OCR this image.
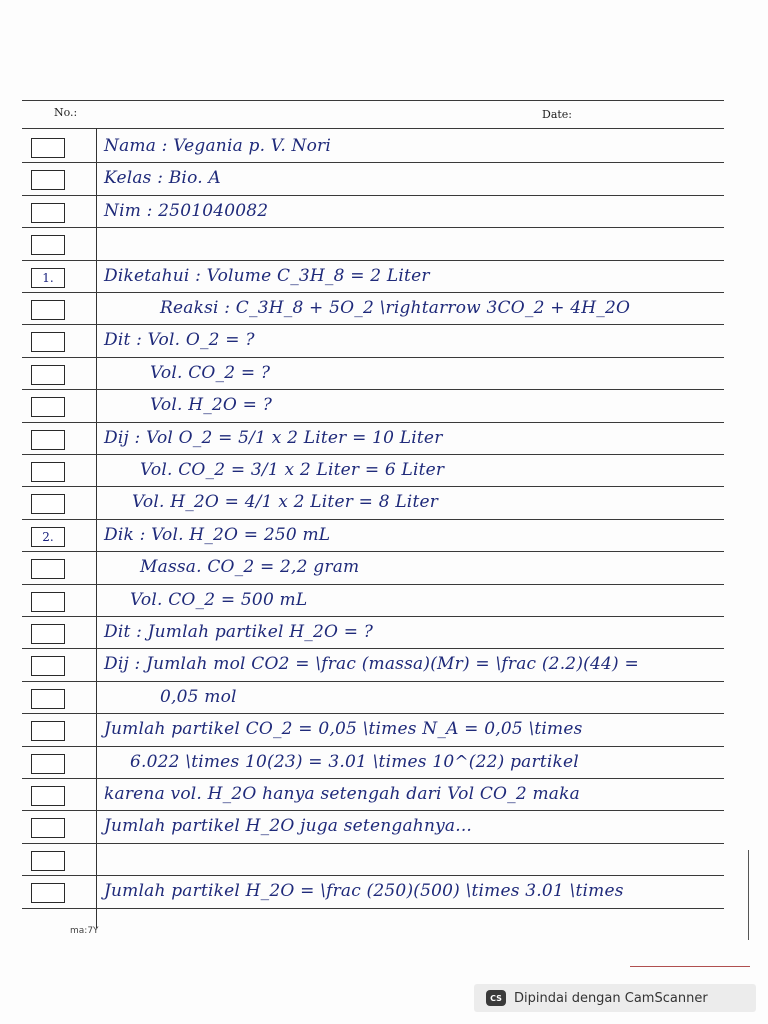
No.:	Date:
Nama : Vegania p. V. Nori
Kelas : Bio. A
Nim : 2501040082
1.	Diketahui : Volume C_3H_8 = 2 Liter
Reaksi : C_3H_8 + 5O_2 \rightarrow 3CO_2 + 4H_2O
Dit : Vol. O_2 = ?
Vol. CO_2 = ?
Vol. H_2O = ?
Dij : Vol O_2 = 5/1 x 2 Liter = 10 Liter
Vol. CO_2 = 3/1 x 2 Liter = 6 Liter
Vol. H_2O = 4/1 x 2 Liter = 8 Liter
2.	Dik : Vol. H_2O = 250 mL
Massa. CO_2 = 2,2 gram
Vol. CO_2 = 500 mL
Dit : Jumlah partikel H_2O = ?
Dij : Jumlah mol CO2 = \frac (massa)(Mr) = \frac (2.2)(44) =
0,05 mol
Jumlah partikel CO_2 = 0,05 \times N_A = 0,05 \times
6.022 \times 10(23) = 3.01 \times 10^(22) partikel
karena vol. H_2O hanya setengah dari Vol CO_2 maka
Jumlah partikel H_2O juga setengahnya...
Jumlah partikel H_2O = \frac (250)(500) \times 3.01 \times
ma:7Y
CS Dipindai dengan CamScanner
